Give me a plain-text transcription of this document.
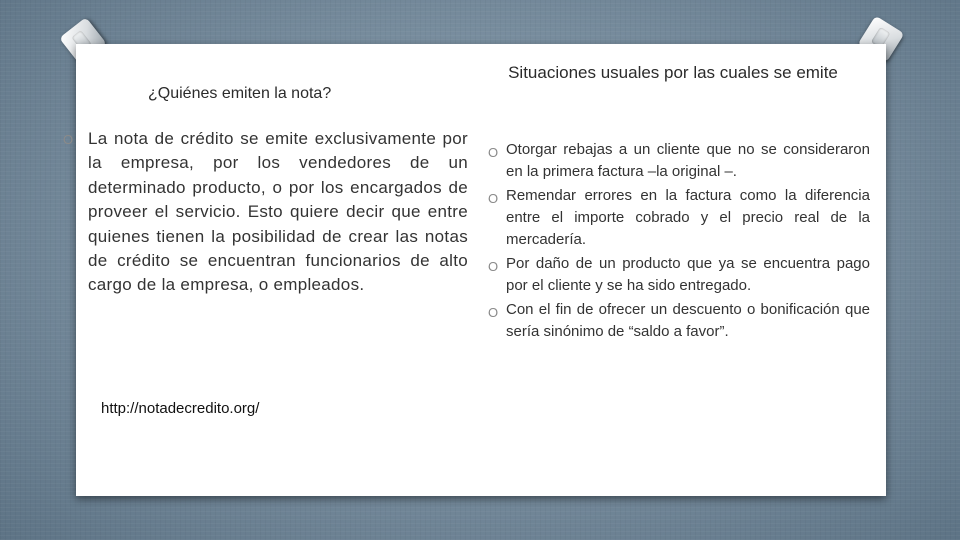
¿Quiénes emiten la nota?
O La nota de crédito se emite exclusivamente por la empresa, por los vendedores de un determinado producto, o por los encargados de proveer el servicio. Esto quiere decir que entre quienes tienen la posibilidad de crear las notas de crédito se encuentran funcionarios de alto cargo de la empresa, o empleados.

Situaciones usuales por las cuales se emite
O Otorgar rebajas a un cliente que no se consideraron en la primera factura –la original –.
O Remendar errores en la factura como la diferencia entre el importe cobrado y el precio real de la mercadería.
O Por daño de un producto que ya se encuentra pago por el cliente y se ha sido entregado.
O Con el fin de ofrecer un descuento o bonificación que sería sinónimo de “saldo a favor”.
http://notadecredito.org/
